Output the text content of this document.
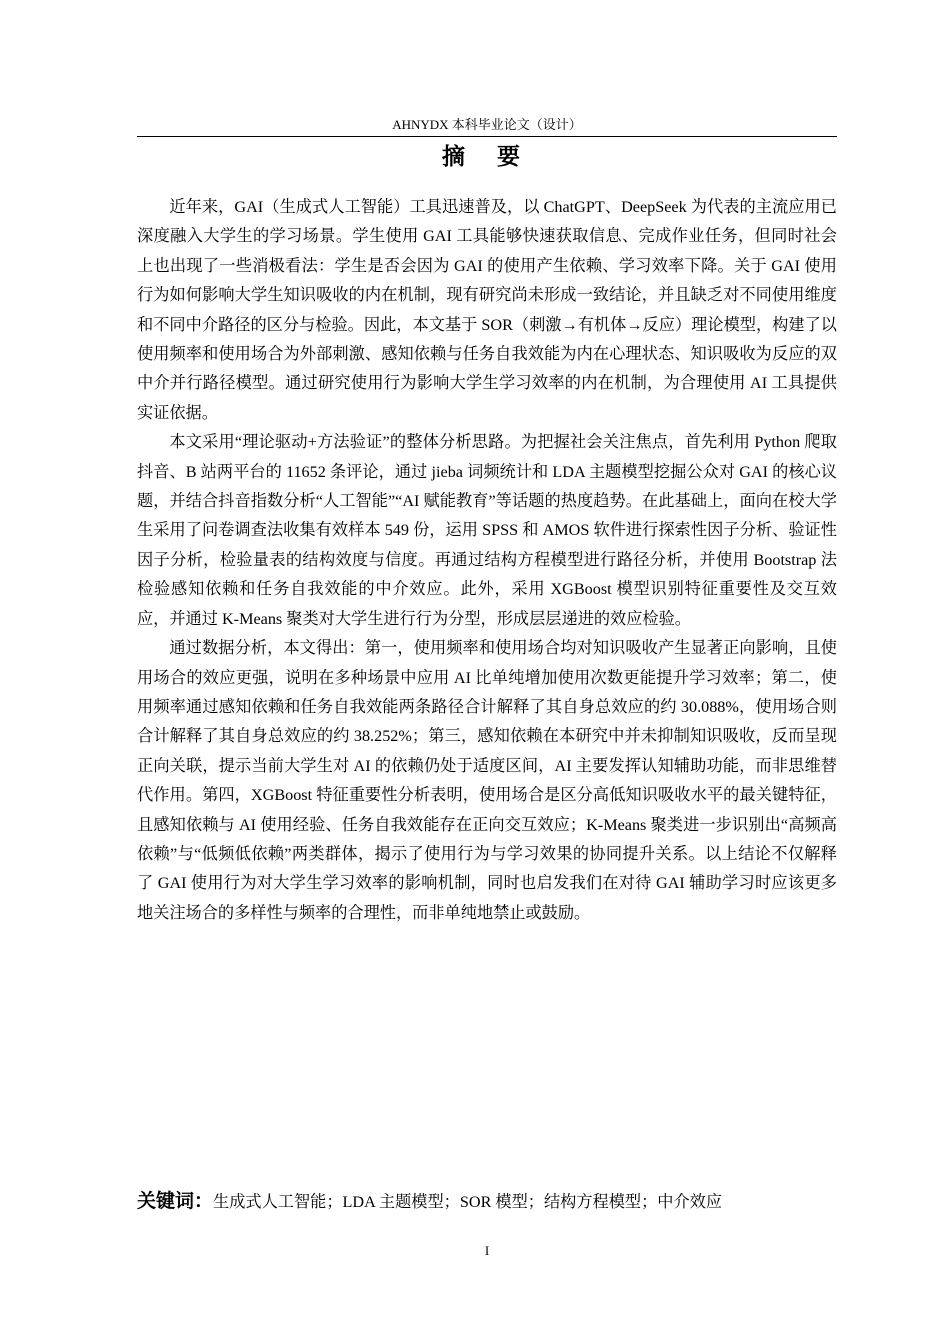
AHNYDX 本科毕业论文（设计）
摘 要

近年来，GAI（生成式人工智能）工具迅速普及，以 ChatGPT、DeepSeek 为代表的主流应用已深度融入大学生的学习场景。学生使用 GAI 工具能够快速获取信息、完成作业任务，但同时社会上也出现了一些消极看法：学生是否会因为 GAI 的使用产生依赖、学习效率下降。关于 GAI 使用行为如何影响大学生知识吸收的内在机制，现有研究尚未形成一致结论，并且缺乏对不同使用维度和不同中介路径的区分与检验。因此，本文基于 SOR（刺激→有机体→反应）理论模型，构建了以使用频率和使用场合为外部刺激、感知依赖与任务自我效能为内在心理状态、知识吸收为反应的双中介并行路径模型。通过研究使用行为影响大学生学习效率的内在机制，为合理使用 AI 工具提供实证依据。

本文采用“理论驱动+方法验证”的整体分析思路。为把握社会关注焦点，首先利用 Python 爬取抖音、B 站两平台的 11652 条评论，通过 jieba 词频统计和 LDA 主题模型挖掘公众对 GAI 的核心议题，并结合抖音指数分析“人工智能”“AI 赋能教育”等话题的热度趋势。在此基础上，面向在校大学生采用了问卷调查法收集有效样本 549 份，运用 SPSS 和 AMOS 软件进行探索性因子分析、验证性因子分析，检验量表的结构效度与信度。再通过结构方程模型进行路径分析，并使用 Bootstrap 法检验感知依赖和任务自我效能的中介效应。此外，采用 XGBoost 模型识别特征重要性及交互效应，并通过 K-Means 聚类对大学生进行行为分型，形成层层递进的效应检验。

通过数据分析，本文得出：第一，使用频率和使用场合均对知识吸收产生显著正向影响，且使用场合的效应更强，说明在多种场景中应用 AI 比单纯增加使用次数更能提升学习效率；第二，使用频率通过感知依赖和任务自我效能两条路径合计解释了其自身总效应的约 30.088%，使用场合则合计解释了其自身总效应的约 38.252%；第三，感知依赖在本研究中并未抑制知识吸收，反而呈现正向关联，提示当前大学生对 AI 的依赖仍处于适度区间，AI 主要发挥认知辅助功能，而非思维替代作用。第四，XGBoost 特征重要性分析表明，使用场合是区分高低知识吸收水平的最关键特征，且感知依赖与 AI 使用经验、任务自我效能存在正向交互效应；K-Means 聚类进一步识别出“高频高依赖”与“低频低依赖”两类群体，揭示了使用行为与学习效果的协同提升关系。以上结论不仅解释了 GAI 使用行为对大学生学习效率的影响机制，同时也启发我们在对待 GAI 辅助学习时应该更多地关注场合的多样性与频率的合理性，而非单纯地禁止或鼓励。

关键词：生成式人工智能；LDA 主题模型；SOR 模型；结构方程模型；中介效应
I
